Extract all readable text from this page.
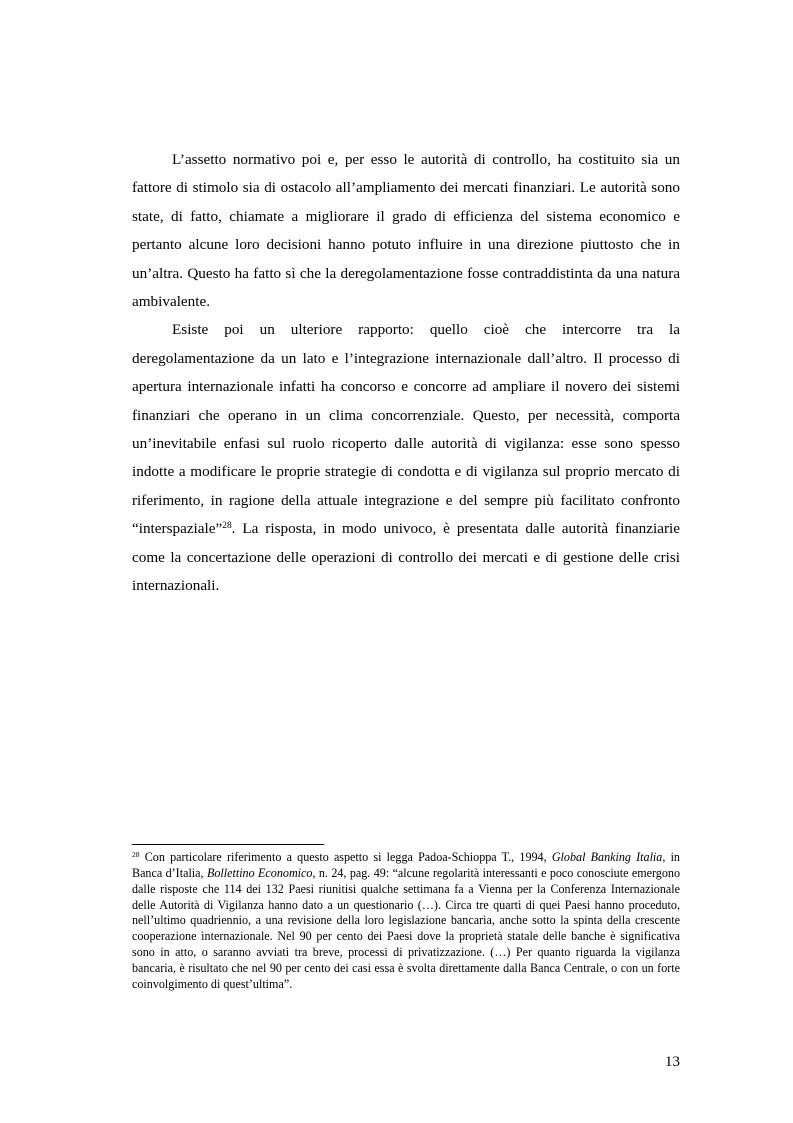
L’assetto normativo poi e, per esso le autorità di controllo, ha costituito sia un fattore di stimolo sia di ostacolo all’ampliamento dei mercati finanziari. Le autorità sono state, di fatto, chiamate a migliorare il grado di efficienza del sistema economico e pertanto alcune loro decisioni hanno potuto influire in una direzione piuttosto che in un’altra. Questo ha fatto sì che la deregolamentazione fosse contraddistinta da una natura ambivalente.

Esiste poi un ulteriore rapporto: quello cioè che intercorre tra la deregolamentazione da un lato e l’integrazione internazionale dall’altro. Il processo di apertura internazionale infatti ha concorso e concorre ad ampliare il novero dei sistemi finanziari che operano in un clima concorrenziale. Questo, per necessità, comporta un’inevitabile enfasi sul ruolo ricoperto dalle autorità di vigilanza: esse sono spesso indotte a modificare le proprie strategie di condotta e di vigilanza sul proprio mercato di riferimento, in ragione della attuale integrazione e del sempre più facilitato confronto “interspaziale”$^{28}$. La risposta, in modo univoco, è presentata dalle autorità finanziarie come la concertazione delle operazioni di controllo dei mercati e di gestione delle crisi internazionali.

$^{28}$ Con particolare riferimento a questo aspetto si legga Padoa-Schioppa T., 1994, Global Banking Italia, in Banca d’Italia, Bollettino Economico, n. 24, pag. 49: “alcune regolarità interessanti e poco conosciute emergono dalle risposte che 114 dei 132 Paesi riunitisi qualche settimana fa a Vienna per la Conferenza Internazionale delle Autorità di Vigilanza hanno dato a un questionario (…). Circa tre quarti di quei Paesi hanno proceduto, nell’ultimo quadriennio, a una revisione della loro legislazione bancaria, anche sotto la spinta della crescente cooperazione internazionale. Nel 90 per cento dei Paesi dove la proprietà statale delle banche è significativa sono in atto, o saranno avviati tra breve, processi di privatizzazione. (…) Per quanto riguarda la vigilanza bancaria, è risultato che nel 90 per cento dei casi essa è svolta direttamente dalla Banca Centrale, o con un forte coinvolgimento di quest’ultima”.

13
